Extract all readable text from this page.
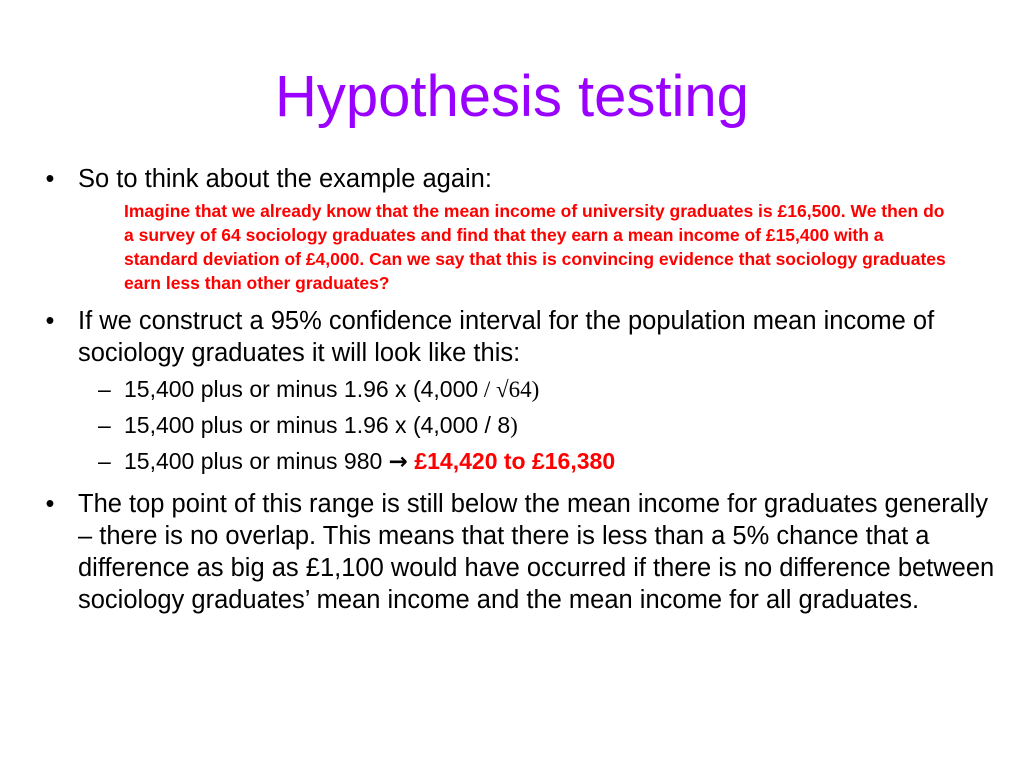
Hypothesis testing
• So to think about the example again:
Imagine that we already know that the mean income of university graduates is £16,500. We then do a survey of 64 sociology graduates and find that they earn a mean income of £15,400 with a standard deviation of £4,000. Can we say that this is convincing evidence that sociology graduates earn less than other graduates?
• If we construct a 95% confidence interval for the population mean income of sociology graduates it will look like this:
– 15,400 plus or minus 1.96 x (4,000 / √64)
– 15,400 plus or minus 1.96 x (4,000 / 8)
– 15,400 plus or minus 980 → £14,420 to £16,380
• The top point of this range is still below the mean income for graduates generally – there is no overlap. This means that there is less than a 5% chance that a difference as big as £1,100 would have occurred if there is no difference between sociology graduates’ mean income and the mean income for all graduates.
